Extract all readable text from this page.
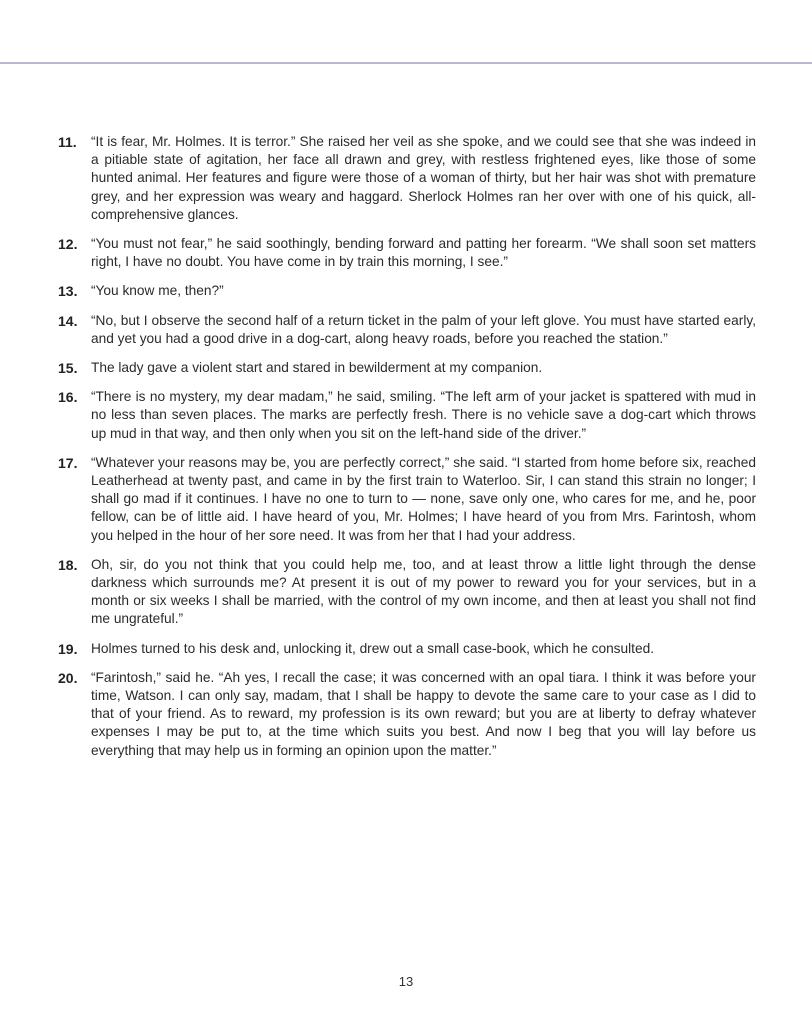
11.	“It is fear, Mr. Holmes. It is terror.” She raised her veil as she spoke, and we could see that she was indeed in a pitiable state of agitation, her face all drawn and grey, with restless frightened eyes, like those of some hunted animal. Her features and figure were those of a woman of thirty, but her hair was shot with premature grey, and her expression was weary and haggard. Sherlock Holmes ran her over with one of his quick, all-comprehensive glances.
12. “You must not fear,” he said soothingly, bending forward and patting her forearm. “We shall soon set matters right, I have no doubt. You have come in by train this morning, I see.”
13. “You know me, then?”
14. “No, but I observe the second half of a return ticket in the palm of your left glove. You must have started early, and yet you had a good drive in a dog-cart, along heavy roads, before you reached the station.”
15. The lady gave a violent start and stared in bewilderment at my companion.
16. “There is no mystery, my dear madam,” he said, smiling. “The left arm of your jacket is spattered with mud in no less than seven places. The marks are perfectly fresh. There is no vehicle save a dog-cart which throws up mud in that way, and then only when you sit on the left-hand side of the driver.”
17. “Whatever your reasons may be, you are perfectly correct,” she said. “I started from home before six, reached Leatherhead at twenty past, and came in by the first train to Waterloo. Sir, I can stand this strain no longer; I shall go mad if it continues. I have no one to turn to — none, save only one, who cares for me, and he, poor fellow, can be of little aid. I have heard of you, Mr. Holmes; I have heard of you from Mrs. Farintosh, whom you helped in the hour of her sore need. It was from her that I had your address.
18. Oh, sir, do you not think that you could help me, too, and at least throw a little light through the dense darkness which surrounds me? At present it is out of my power to reward you for your services, but in a month or six weeks I shall be married, with the control of my own income, and then at least you shall not find me ungrateful.”
19. Holmes turned to his desk and, unlocking it, drew out a small case-book, which he consulted.
20. “Farintosh,” said he. “Ah yes, I recall the case; it was concerned with an opal tiara. I think it was before your time, Watson. I can only say, madam, that I shall be happy to devote the same care to your case as I did to that of your friend. As to reward, my profession is its own reward; but you are at liberty to defray whatever expenses I may be put to, at the time which suits you best. And now I beg that you will lay before us everything that may help us in forming an opinion upon the matter.”
13
